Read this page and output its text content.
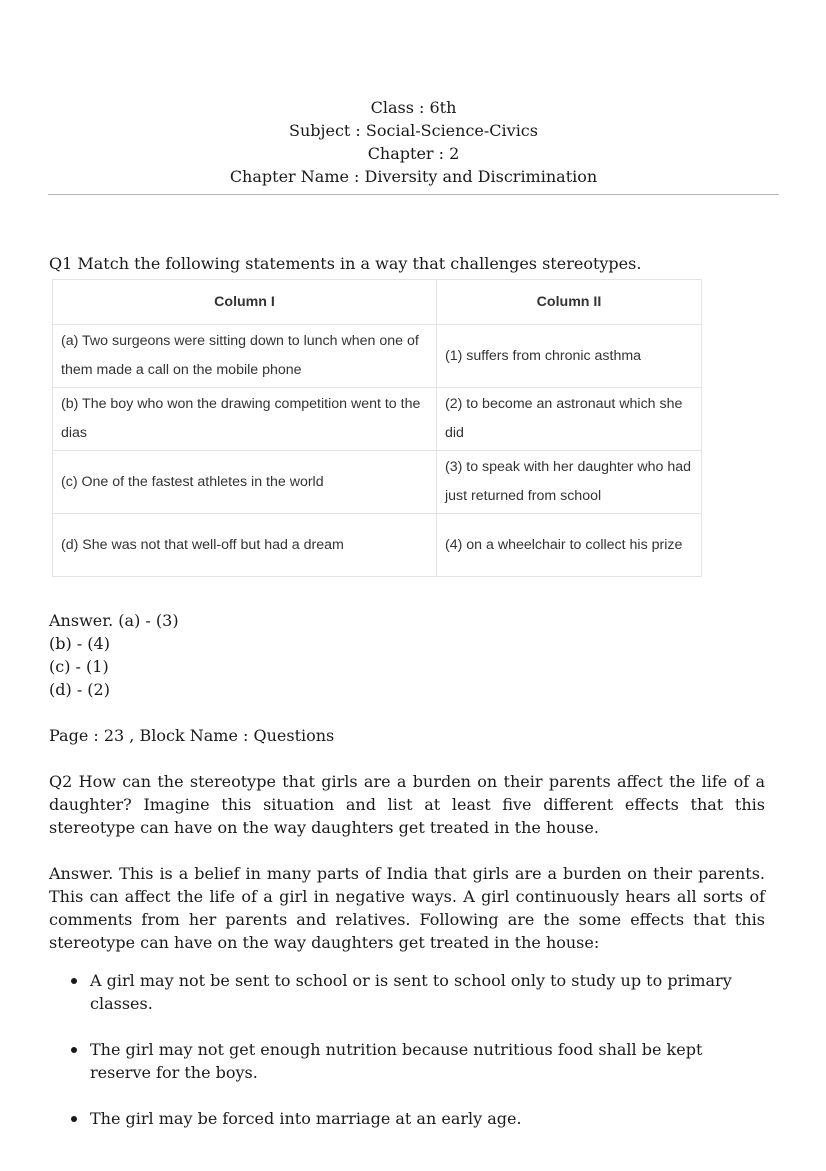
Class : 6th
Subject : Social-Science-Civics
Chapter : 2
Chapter Name : Diversity and Discrimination
Q1 Match the following statements in a way that challenges stereotypes.
Column I	Column II
(a) Two surgeons were sitting down to lunch when one of them made a call on the mobile phone	(1) suffers from chronic asthma
(b) The boy who won the drawing competition went to the dias	(2) to become an astronaut which she did
(c) One of the fastest athletes in the world	(3) to speak with her daughter who had just returned from school
(d) She was not that well-off but had a dream	(4) on a wheelchair to collect his prize
Answer. (a) - (3)
(b) - (4)
(c) - (1)
(d) - (2)
Page : 23 , Block Name : Questions
Q2 How can the stereotype that girls are a burden on their parents affect the life of a daughter? Imagine this situation and list at least five different effects that this stereotype can have on the way daughters get treated in the house.
Answer. This is a belief in many parts of India that girls are a burden on their parents. This can affect the life of a girl in negative ways. A girl continuously hears all sorts of comments from her parents and relatives. Following are the some effects that this stereotype can have on the way daughters get treated in the house:
A girl may not be sent to school or is sent to school only to study up to primary classes.
The girl may not get enough nutrition because nutritious food shall be kept reserve for the boys.
The girl may be forced into marriage at an early age.
